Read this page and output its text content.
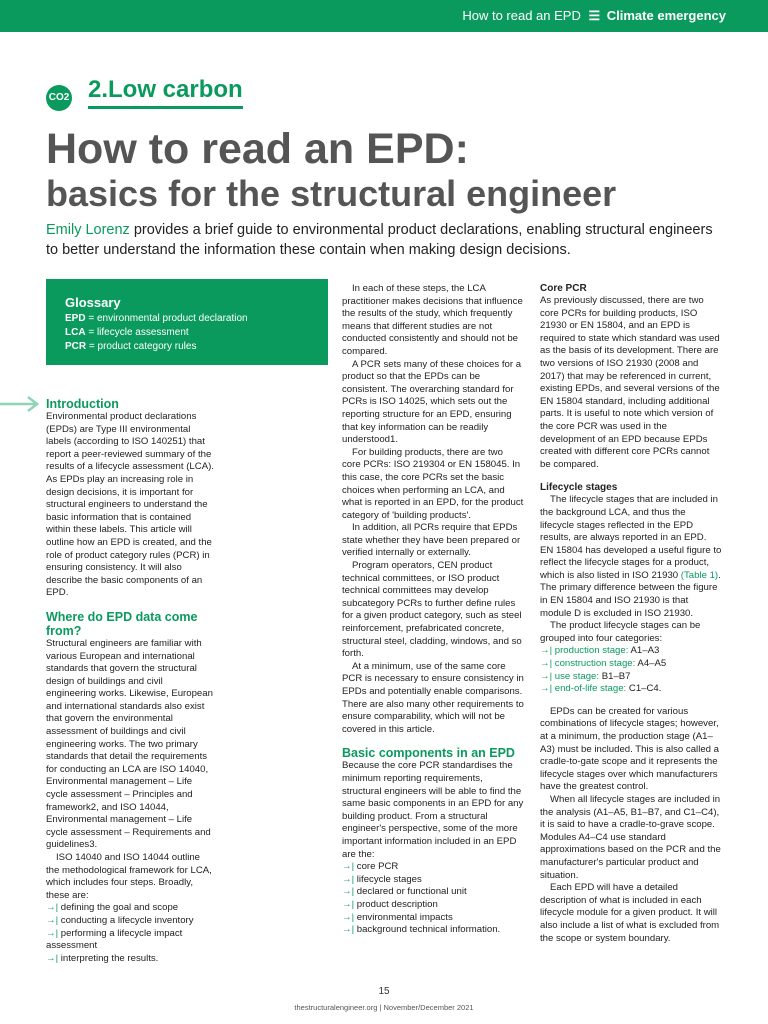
How to read an EPD ☰ Climate emergency
CO2 2.Low carbon
How to read an EPD:
basics for the structural engineer
Emily Lorenz provides a brief guide to environmental product declarations, enabling structural engineers to better understand the information these contain when making design decisions.
Glossary
EPD = environmental product declaration
LCA = lifecycle assessment
PCR = product category rules
Introduction

Environmental product declarations (EPDs) are Type III environmental labels (according to ISO 140251) that report a peer-reviewed summary of the results of a lifecycle assessment (LCA). As EPDs play an increasing role in design decisions, it is important for structural engineers to understand the basic information that is contained within these labels. This article will outline how an EPD is created, and the role of product category rules (PCR) in ensuring consistency. It will also describe the basic components of an EPD.

Where do EPD data come from?

Structural engineers are familiar with various European and international standards that govern the structural design of buildings and civil engineering works. Likewise, European and international standards also exist that govern the environmental assessment of buildings and civil engineering works. The two primary standards that detail the requirements for conducting an LCA are ISO 14040, Environmental management – Life cycle assessment – Principles and framework2, and ISO 14044, Environmental management – Life cycle assessment – Requirements and guidelines3.

ISO 14040 and ISO 14044 outline the methodological framework for LCA, which includes four steps. Broadly, these are:

→| defining the goal and scope

→| conducting a lifecycle inventory

→| performing a lifecycle impact assessment

→| interpreting the results.

In each of these steps, the LCA practitioner makes decisions that influence the results of the study, which frequently means that different studies are not conducted consistently and should not be compared.

A PCR sets many of these choices for a product so that the EPDs can be consistent. The overarching standard for PCRs is ISO 14025, which sets out the reporting structure for an EPD, ensuring that key information can be readily understood1.

For building products, there are two core PCRs: ISO 219304 or EN 158045. In this case, the core PCRs set the basic choices when performing an LCA, and what is reported in an EPD, for the product category of 'building products'.

In addition, all PCRs require that EPDs state whether they have been prepared or verified internally or externally.

Program operators, CEN product technical committees, or ISO product technical committees may develop subcategory PCRs to further define rules for a given product category, such as steel reinforcement, prefabricated concrete, structural steel, cladding, windows, and so forth.

At a minimum, use of the same core PCR is necessary to ensure consistency in EPDs and potentially enable comparisons. There are also many other requirements to ensure comparability, which will not be covered in this article.

Basic components in an EPD

Because the core PCR standardises the minimum reporting requirements, structural engineers will be able to find the same basic components in an EPD for any building product. From a structural engineer's perspective, some of the more important information included in an EPD are the:

→| core PCR

→| lifecycle stages

→| declared or functional unit

→| product description

→| environmental impacts

→| background technical information.

Core PCR

As previously discussed, there are two core PCRs for building products, ISO 21930 or EN 15804, and an EPD is required to state which standard was used as the basis of its development. There are two versions of ISO 21930 (2008 and 2017) that may be referenced in current, existing EPDs, and several versions of the EN 15804 standard, including additional parts. It is useful to note which version of the core PCR was used in the development of an EPD because EPDs created with different core PCRs cannot be compared.

Lifecycle stages

The lifecycle stages that are included in the background LCA, and thus the lifecycle stages reflected in the EPD results, are always reported in an EPD. EN 15804 has developed a useful figure to reflect the lifecycle stages for a product, which is also listed in ISO 21930 (Table 1). The primary difference between the figure in EN 15804 and ISO 21930 is that module D is excluded in ISO 21930.

The product lifecycle stages can be grouped into four categories:

→| production stage: A1–A3

→| construction stage: A4–A5

→| use stage: B1–B7

→| end-of-life stage: C1–C4.

EPDs can be created for various combinations of lifecycle stages; however, at a minimum, the production stage (A1–A3) must be included. This is also called a cradle-to-gate scope and it represents the lifecycle stages over which manufacturers have the greatest control.

When all lifecycle stages are included in the analysis (A1–A5, B1–B7, and C1–C4), it is said to have a cradle-to-grave scope. Modules A4–C4 use standard approximations based on the PCR and the manufacturer's particular product and situation.

Each EPD will have a detailed description of what is included in each lifecycle module for a given product. It will also include a list of what is excluded from the scope or system boundary.

15
thestructuralengineer.org | November/December 2021
